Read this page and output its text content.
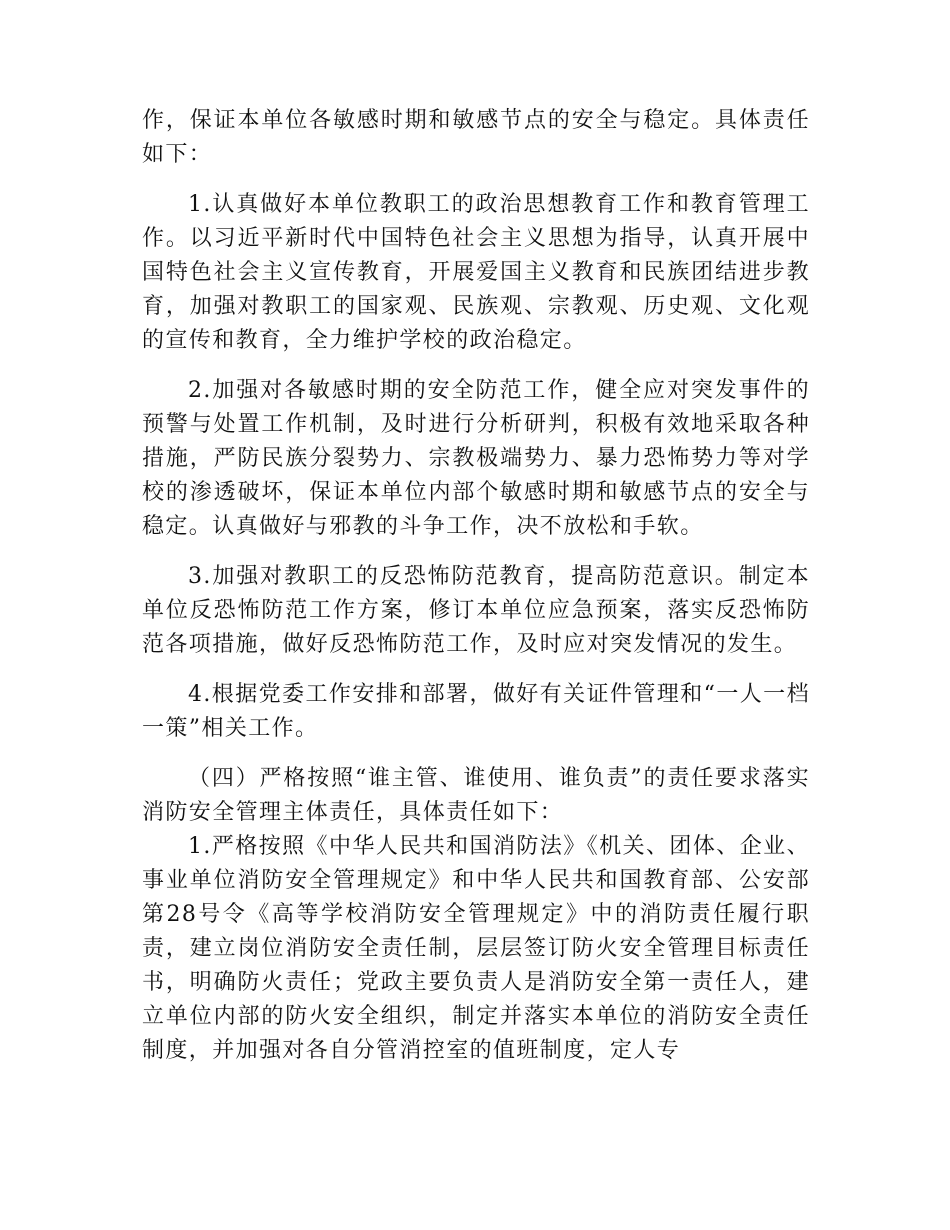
作，保证本单位各敏感时期和敏感节点的安全与稳定。具体责任如下：

1.认真做好本单位教职工的政治思想教育工作和教育管理工作。以习近平新时代中国特色社会主义思想为指导，认真开展中国特色社会主义宣传教育，开展爱国主义教育和民族团结进步教育，加强对教职工的国家观、民族观、宗教观、历史观、文化观的宣传和教育，全力维护学校的政治稳定。

2.加强对各敏感时期的安全防范工作，健全应对突发事件的预警与处置工作机制，及时进行分析研判，积极有效地采取各种措施，严防民族分裂势力、宗教极端势力、暴力恐怖势力等对学校的渗透破坏，保证本单位内部个敏感时期和敏感节点的安全与稳定。认真做好与邪教的斗争工作，决不放松和手软。

3.加强对教职工的反恐怖防范教育，提高防范意识。制定本单位反恐怖防范工作方案，修订本单位应急预案，落实反恐怖防范各项措施，做好反恐怖防范工作，及时应对突发情况的发生。

4.根据党委工作安排和部署，做好有关证件管理和“一人一档一策”相关工作。

（四）严格按照“谁主管、谁使用、谁负责”的责任要求落实消防安全管理主体责任，具体责任如下：

1.严格按照《中华人民共和国消防法》《机关、团体、企业、事业单位消防安全管理规定》和中华人民共和国教育部、公安部第28号令《高等学校消防安全管理规定》中的消防责任履行职责，建立岗位消防安全责任制，层层签订防火安全管理目标责任书，明确防火责任；党政主要负责人是消防安全第一责任人，建立单位内部的防火安全组织，制定并落实本单位的消防安全责任制度，并加强对各自分管消控室的值班制度，定人专
